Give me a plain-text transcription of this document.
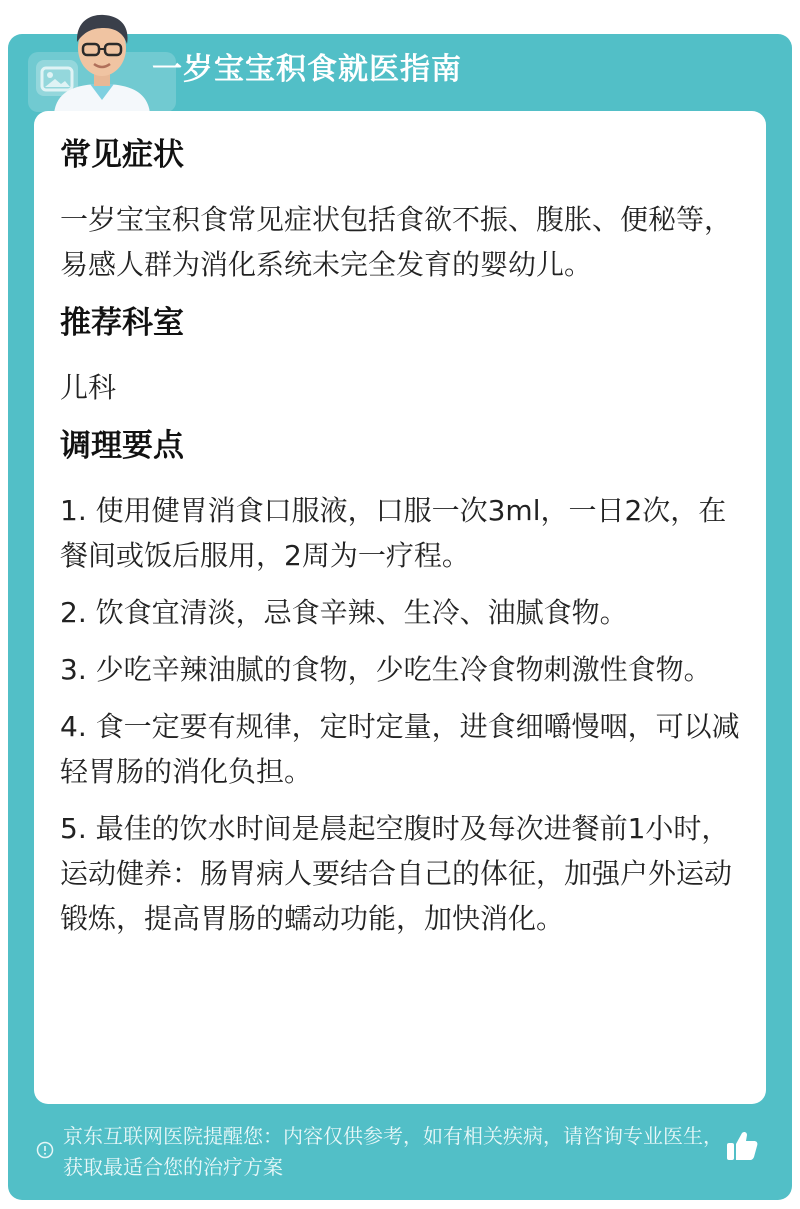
一岁宝宝积食就医指南
常见症状

一岁宝宝积食常见症状包括食欲不振、腹胀、便秘等，易感人群为消化系统未完全发育的婴幼儿。

推荐科室

儿科

调理要点

1. 使用健胃消食口服液，口服一次3ml，一日2次，在餐间或饭后服用，2周为一疗程。

2. 饮食宜清淡，忌食辛辣、生冷、油腻食物。

3. 少吃辛辣油腻的食物，少吃生冷食物刺激性食物。

4. 食一定要有规律，定时定量，进食细嚼慢咽，可以减轻胃肠的消化负担。

5. 最佳的饮水时间是晨起空腹时及每次进餐前1小时，运动健养：肠胃病人要结合自己的体征，加强户外运动锻炼，提高胃肠的蠕动功能，加快消化。

京东互联网医院提醒您：内容仅供参考，如有相关疾病，请咨询专业医生，获取最适合您的治疗方案
